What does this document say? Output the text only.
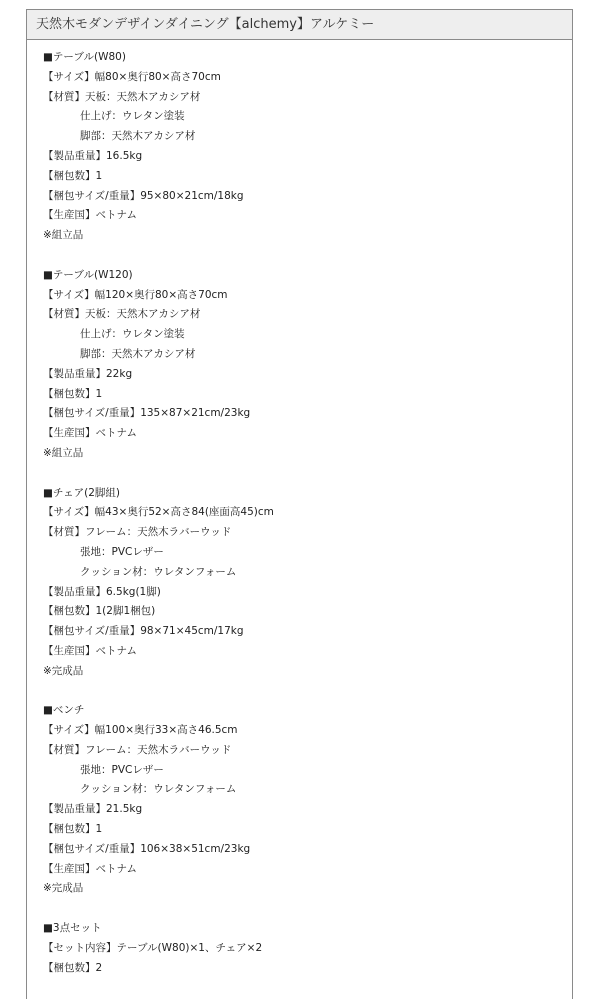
天然木モダンデザインダイニング【alchemy】アルケミー
■テーブル(W80)
【サイズ】幅80×奥行80×高さ70cm
【材質】天板：天然木アカシア材
仕上げ：ウレタン塗装
脚部：天然木アカシア材
【製品重量】16.5kg
【梱包数】1
【梱包サイズ/重量】95×80×21cm/18kg
【生産国】ベトナム
※組立品
■テーブル(W120)
【サイズ】幅120×奥行80×高さ70cm
【材質】天板：天然木アカシア材
仕上げ：ウレタン塗装
脚部：天然木アカシア材
【製品重量】22kg
【梱包数】1
【梱包サイズ/重量】135×87×21cm/23kg
【生産国】ベトナム
※組立品
■チェア(2脚組)
【サイズ】幅43×奥行52×高さ84(座面高45)cm
【材質】フレーム：天然木ラバーウッド
張地：PVCレザー
クッション材：ウレタンフォーム
【製品重量】6.5kg(1脚)
【梱包数】1(2脚1梱包)
【梱包サイズ/重量】98×71×45cm/17kg
【生産国】ベトナム
※完成品
■ベンチ
【サイズ】幅100×奥行33×高さ46.5cm
【材質】フレーム：天然木ラバーウッド
張地：PVCレザー
クッション材：ウレタンフォーム
【製品重量】21.5kg
【梱包数】1
【梱包サイズ/重量】106×38×51cm/23kg
【生産国】ベトナム
※完成品
■3点セット
【セット内容】テーブル(W80)×1、チェア×2
【梱包数】2
